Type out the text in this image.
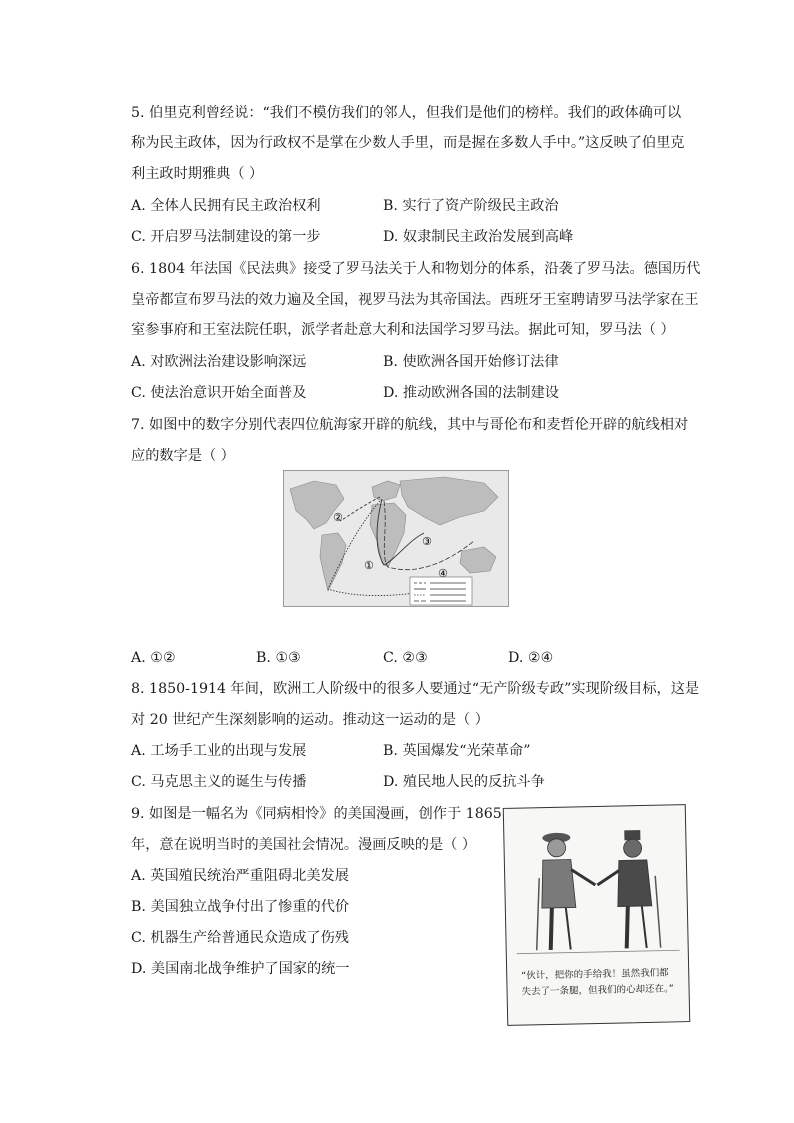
5. 伯里克利曾经说：“我们不模仿我们的邻人，但我们是他们的榜样。我们的政体确可以
称为民主政体，因为行政权不是掌在少数人手里，而是握在多数人手中。”这反映了伯里克
利主政时期雅典（ ）
A. 全体人民拥有民主政治权利	B. 实行了资产阶级民主政治
C. 开启罗马法制建设的第一步	D. 奴隶制民主政治发展到高峰
6. 1804 年法国《民法典》接受了罗马法关于人和物划分的体系，沿袭了罗马法。德国历代
皇帝都宣布罗马法的效力遍及全国，视罗马法为其帝国法。西班牙王室聘请罗马法学家在王
室参事府和王室法院任职，派学者赴意大利和法国学习罗马法。据此可知，罗马法（ ）
A. 对欧洲法治建设影响深远	B. 使欧洲各国开始修订法律
C. 使法治意识开始全面普及	D. 推动欧洲各国的法制建设
7. 如图中的数字分别代表四位航海家开辟的航线，其中与哥伦布和麦哲伦开辟的航线相对
应的数字是（ ）
①
②
③
④
A. ①②	B. ①③	C. ②③	D. ②④
8. 1850-1914 年间，欧洲工人阶级中的很多人要通过“无产阶级专政”实现阶级目标，这是
对 20 世纪产生深刻影响的运动。推动这一运动的是（ ）
A. 工场手工业的出现与发展	B. 英国爆发“光荣革命”
C. 马克思主义的诞生与传播	D. 殖民地人民的反抗斗争
9. 如图是一幅名为《同病相怜》的美国漫画，创作于 1865
年，意在说明当时的美国社会情况。漫画反映的是（ ）
A. 英国殖民统治严重阻碍北美发展
B. 美国独立战争付出了惨重的代价
C. 机器生产给普通民众造成了伤残
D. 美国南北战争维护了国家的统一	“伙计，把你的手给我！虽然我们都失去了一条腿，但我们的心却还在。”
